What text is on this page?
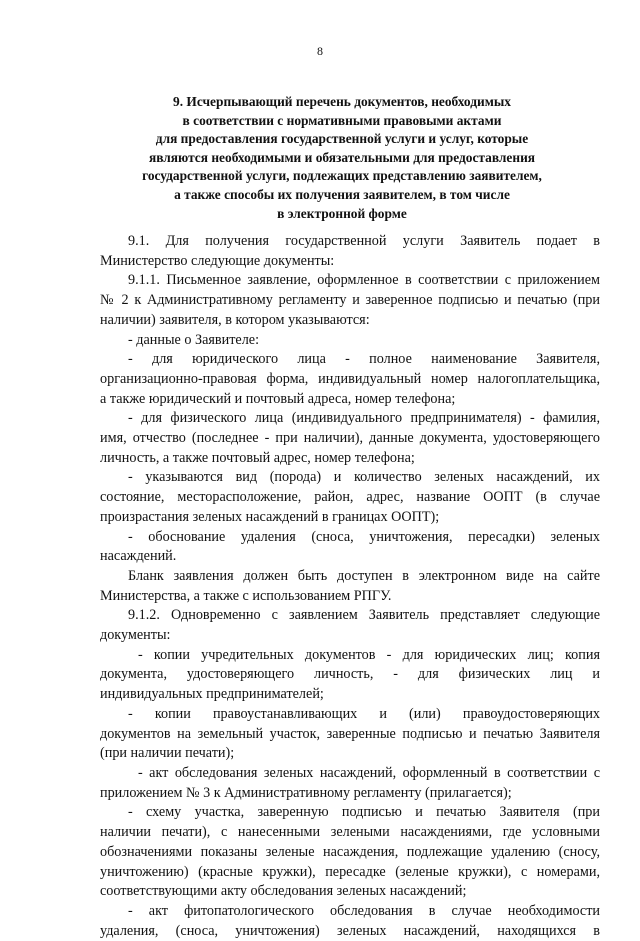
8
9. Исчерпывающий перечень документов, необходимых
в соответствии с нормативными правовыми актами
для предоставления государственной услуги и услуг, которые
являются необходимыми и обязательными для предоставления
государственной услуги, подлежащих представлению заявителем,
а также способы их получения заявителем, в том числе
в электронной форме
9.1. Для получения государственной услуги Заявитель подает в
Министерство следующие документы:
9.1.1. Письменное заявление, оформленное в соответствии с приложением
№ 2 к Административному регламенту и заверенное подписью и печатью (при
наличии) заявителя, в котором указываются:
- данные о Заявителе:
- для юридического лица - полное наименование Заявителя,
организационно-правовая форма, индивидуальный номер налогоплательщика,
а также юридический и почтовый адреса, номер телефона;
- для физического лица (индивидуального предпринимателя) - фамилия,
имя, отчество (последнее - при наличии), данные документа, удостоверяющего
личность, а также почтовый адрес, номер телефона;
- указываются вид (порода) и количество зеленых насаждений, их
состояние, месторасположение, район, адрес, название ООПТ (в случае
произрастания зеленых насаждений в границах ООПТ);
- обоснование удаления (сноса, уничтожения, пересадки) зеленых
насаждений.
Бланк заявления должен быть доступен в электронном виде на сайте
Министерства, а также с использованием РПГУ.
9.1.2. Одновременно с заявлением Заявитель представляет следующие
документы:
- копии учредительных документов - для юридических лиц; копия
документа, удостоверяющего личность, - для физических лиц и
индивидуальных предпринимателей;
- копии правоустанавливающих и (или) правоудостоверяющих
документов на земельный участок, заверенные подписью и печатью Заявителя
(при наличии печати);
- акт обследования зеленых насаждений, оформленный в соответствии с
приложением № 3 к Административному регламенту (прилагается);
- схему участка, заверенную подписью и печатью Заявителя (при
наличии печати), с нанесенными зелеными насаждениями, где условными
обозначениями показаны зеленые насаждения, подлежащие удалению (сносу,
уничтожению) (красные кружки), пересадке (зеленые кружки), с номерами,
соответствующими акту обследования зеленых насаждений;
- акт фитопатологического обследования в случае необходимости
удаления, (сноса, уничтожения) зеленых насаждений, находящихся в
